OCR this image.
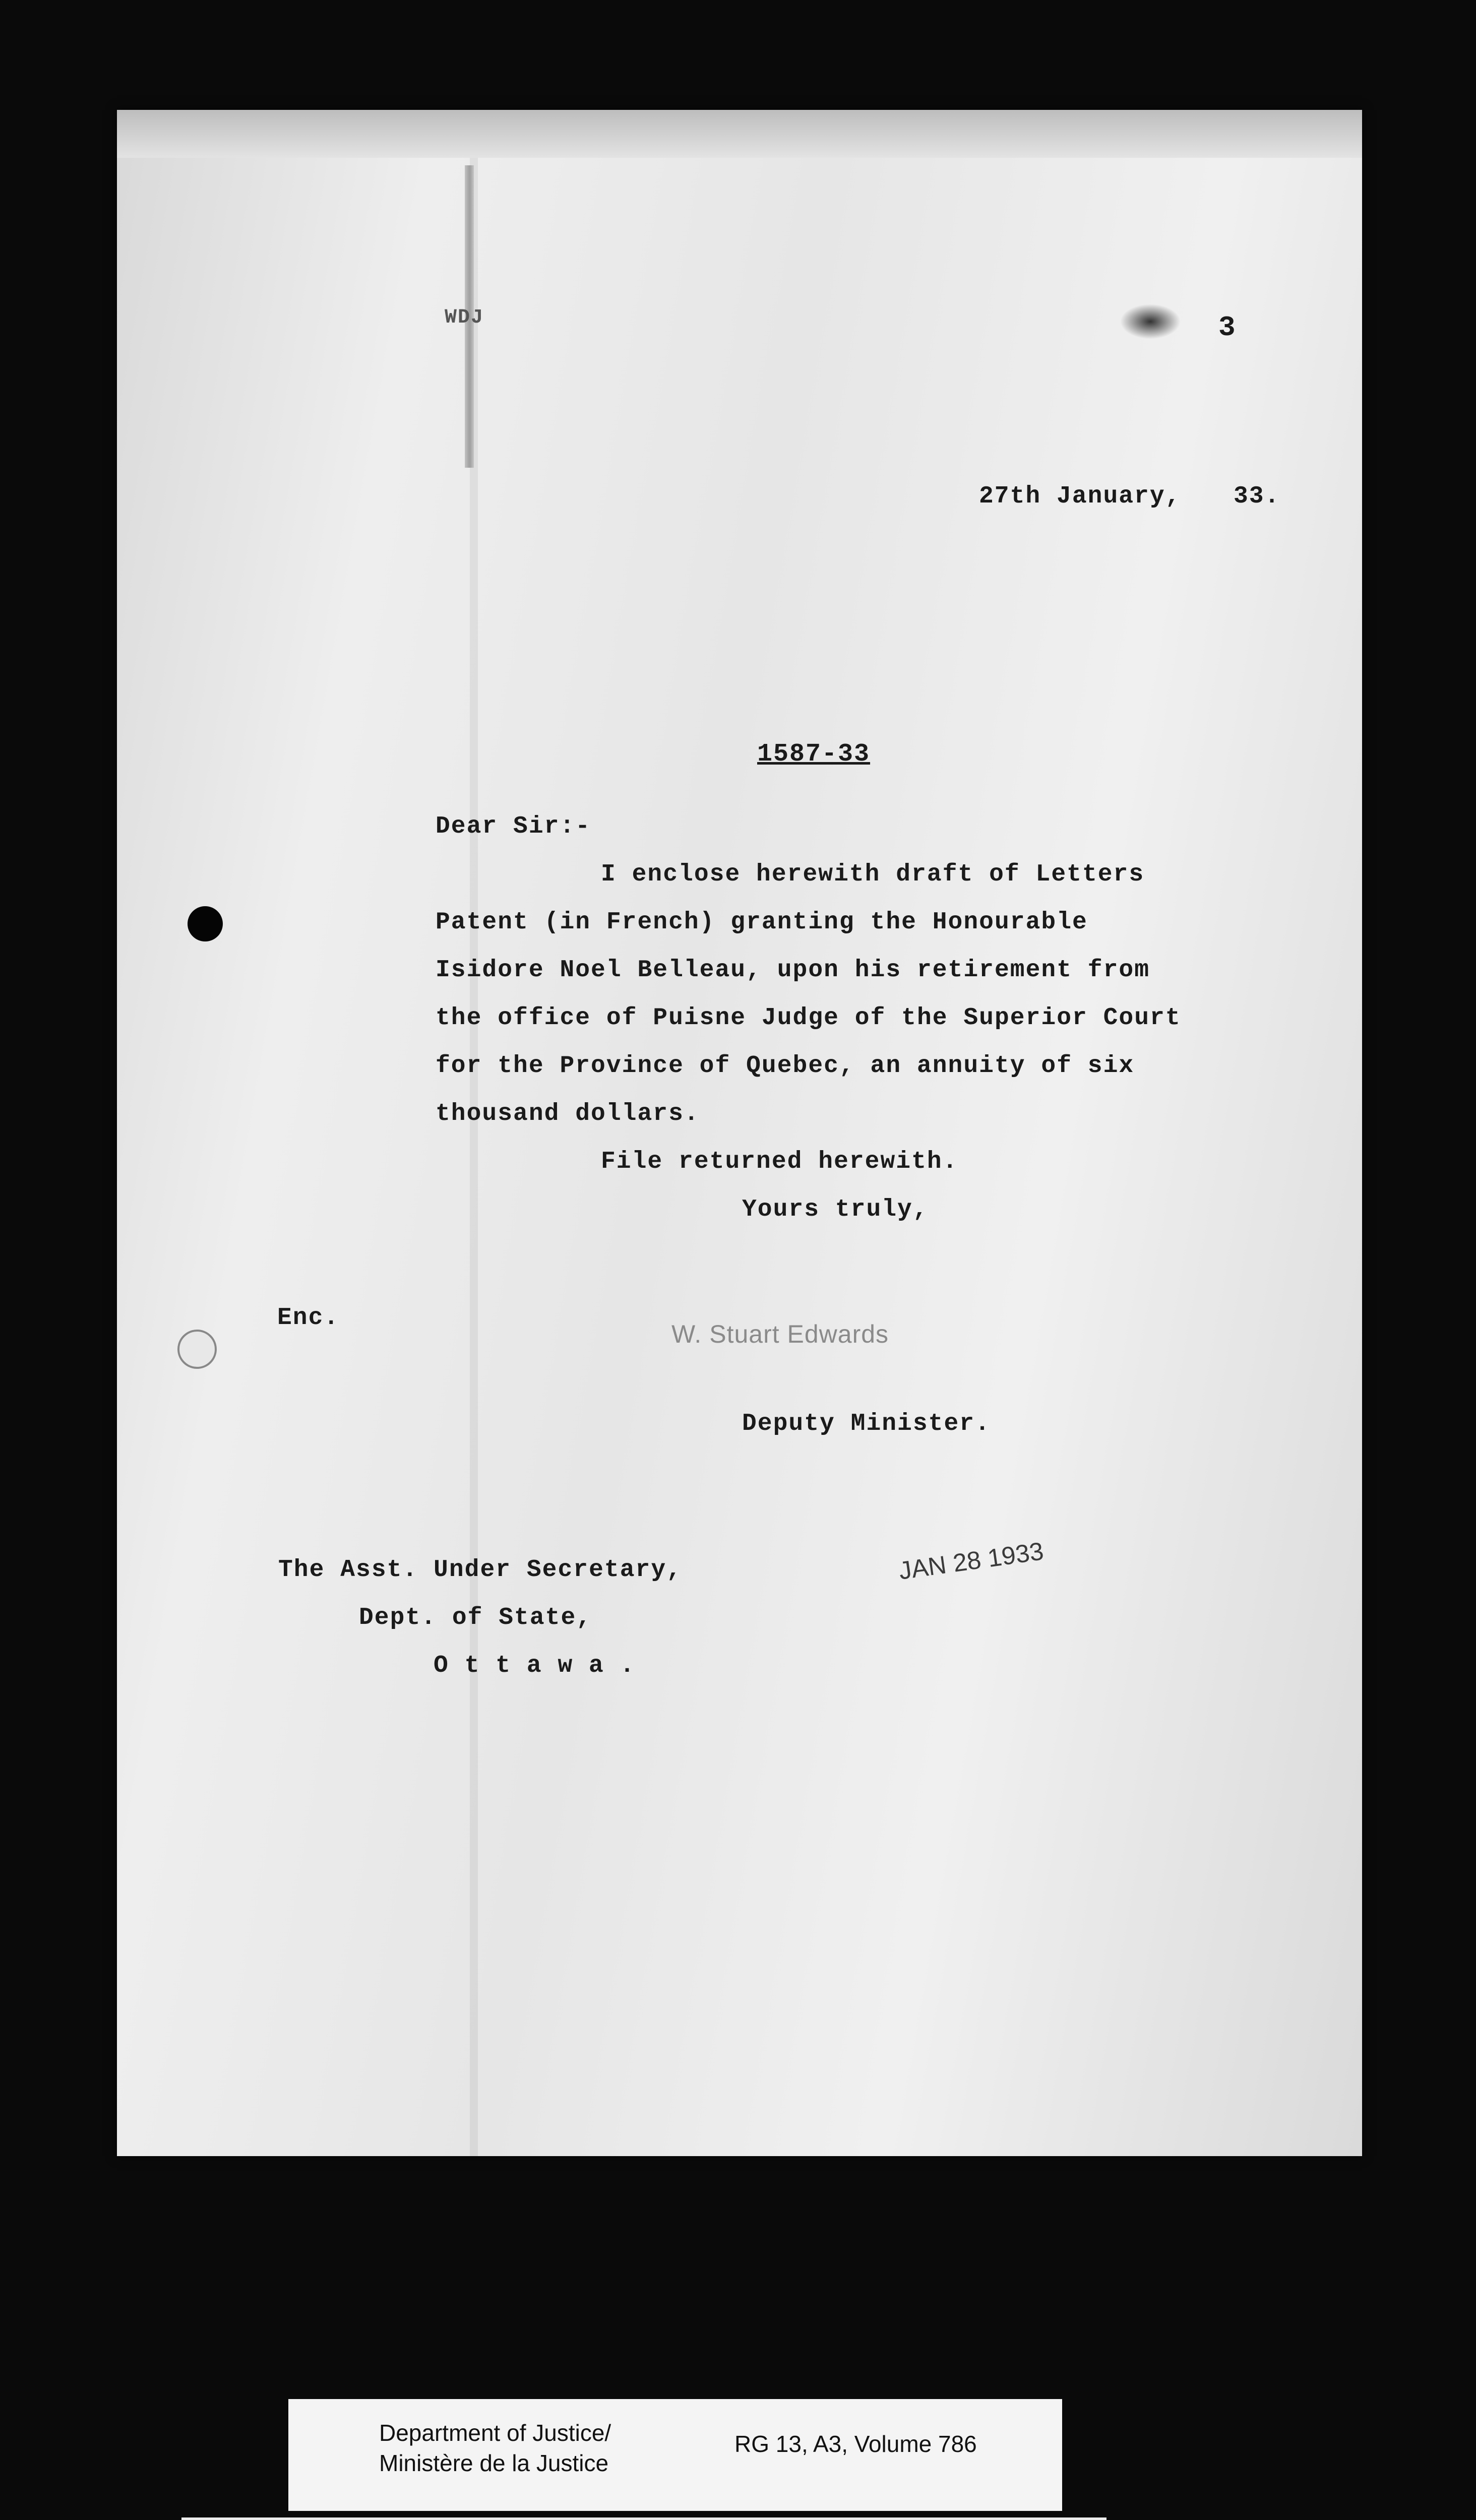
WDJ	3
27th January, 33.
1587-33
Dear Sir:-
I enclose herewith draft of Letters
Patent (in French) granting the Honourable
Isidore Noel Belleau, upon his retirement from
the office of Puisne Judge of the Superior Court
for the Province of Quebec, an annuity of six
thousand dollars.
File returned herewith.
Yours truly,
Enc.
W. Stuart Edwards
Deputy Minister.
The Asst. Under Secretary,
Dept. of State,
O t t a w a .
JAN 28 1933
Department of Justice/
Ministère de la Justice
RG 13, A3, Volume 786
